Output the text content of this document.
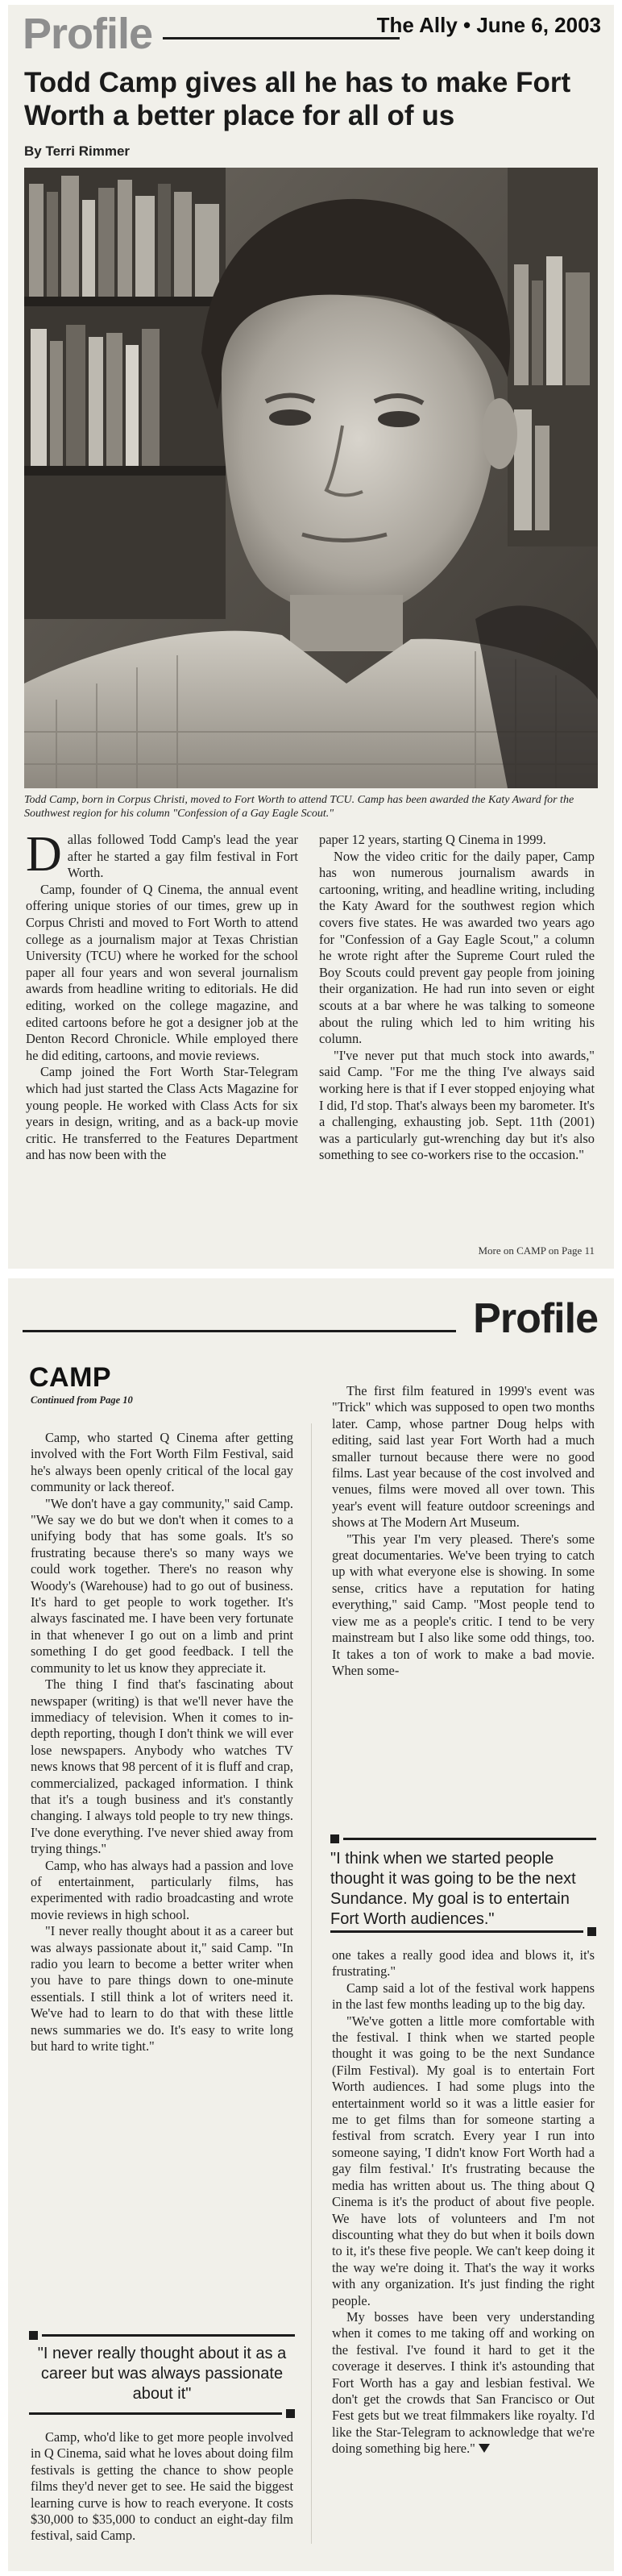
Profile	The Ally • June 6, 2003
Todd Camp gives all he has to make Fort Worth a better place for all of us
By Terri Rimmer
Todd Camp, born in Corpus Christi, moved to Fort Worth to attend TCU. Camp has been awarded the Katy Award for the Southwest region for his column "Confession of a Gay Eagle Scout."

Dallas followed Todd Camp's lead the year after he started a gay film festival in Fort Worth.

Camp, founder of Q Cinema, the annual event offering unique stories of our times, grew up in Corpus Christi and moved to Fort Worth to attend college as a journalism major at Texas Christian University (TCU) where he worked for the school paper all four years and won several journalism awards from headline writing to editorials. He did editing, worked on the college magazine, and edited cartoons before he got a designer job at the Denton Record Chronicle. While employed there he did editing, cartoons, and movie reviews.

Camp joined the Fort Worth Star-Telegram which had just started the Class Acts Magazine for young people. He worked with Class Acts for six years in design, writing, and as a back-up movie critic. He transferred to the Features Department and has now been with the

paper 12 years, starting Q Cinema in 1999.

Now the video critic for the daily paper, Camp has won numerous journalism awards in cartooning, writing, and headline writing, including the Katy Award for the southwest region which covers five states. He was awarded two years ago for "Confession of a Gay Eagle Scout," a column he wrote right after the Supreme Court ruled the Boy Scouts could prevent gay people from joining their organization. He had run into seven or eight scouts at a bar where he was talking to someone about the ruling which led to him writing his column.

"I've never put that much stock into awards," said Camp. "For me the thing I've always said working here is that if I ever stopped enjoying what I did, I'd stop. That's always been my barometer. It's a challenging, exhausting job. Sept. 11th (2001) was a particularly gut-wrenching day but it's also something to see co-workers rise to the occasion."

More on CAMP on Page 11
Profile
CAMP
Continued from Page 10

Camp, who started Q Cinema after getting involved with the Fort Worth Film Festival, said he's always been openly critical of the local gay community or lack thereof.

"We don't have a gay community," said Camp. "We say we do but we don't when it comes to a unifying body that has some goals. It's so frustrating because there's so many ways we could work together. There's no reason why Woody's (Warehouse) had to go out of business. It's hard to get people to work together. It's always fascinated me. I have been very fortunate in that whenever I go out on a limb and print something I do get good feedback. I tell the community to let us know they appreciate it.

The thing I find that's fascinating about newspaper (writing) is that we'll never have the immediacy of television. When it comes to in-depth reporting, though I don't think we will ever lose newspapers. Anybody who watches TV news knows that 98 percent of it is fluff and crap, commercialized, packaged information. I think that it's a tough business and it's constantly changing. I always told people to try new things. I've done everything. I've never shied away from trying things."

Camp, who has always had a passion and love of entertainment, particularly films, has experimented with radio broadcasting and wrote movie reviews in high school.

"I never really thought about it as a career but was always passionate about it," said Camp. "In radio you learn to become a better writer when you have to pare things down to one-minute essentials. I still think a lot of writers need it. We've had to learn to do that with these little news summaries we do. It's easy to write long but hard to write tight."

The first film featured in 1999's event was "Trick" which was supposed to open two months later. Camp, whose partner Doug helps with editing, said last year Fort Worth had a much smaller turnout because there were no good films. Last year because of the cost involved and venues, films were moved all over town. This year's event will feature outdoor screenings and shows at The Modern Art Museum.

"This year I'm very pleased. There's some great documentaries. We've been trying to catch up with what everyone else is showing. In some sense, critics have a reputation for hating everything," said Camp. "Most people tend to view me as a people's critic. I tend to be very mainstream but I also like some odd things, too. It takes a ton of work to make a bad movie. When some-

"I think when we started people thought it was going to be the next Sundance. My goal is to entertain Fort Worth audiences."

one takes a really good idea and blows it, it's frustrating."

Camp said a lot of the festival work happens in the last few months leading up to the big day.

"We've gotten a little more comfortable with the festival. I think when we started people thought it was going to be the next Sundance (Film Festival). My goal is to entertain Fort Worth audiences. I had some plugs into the entertainment world so it was a little easier for me to get films than for someone starting a festival from scratch. Every year I run into someone saying, 'I didn't know Fort Worth had a gay film festival.' It's frustrating because the media has written about us. The thing about Q Cinema is it's the product of about five people. We have lots of volunteers and I'm not discounting what they do but when it boils down to it, it's these five people. We can't keep doing it the way we're doing it. That's the way it works with any organization. It's just finding the right people.

My bosses have been very understanding when it comes to me taking off and working on the festival. I've found it hard to get it the coverage it deserves. I think it's astounding that Fort Worth has a gay and lesbian festival. We don't get the crowds that San Francisco or Out Fest gets but we treat filmmakers like royalty. I'd like the Star-Telegram to acknowledge that we're doing something big here."

"I never really thought about it as a career but was always passionate about it"

Camp, who'd like to get more people involved in Q Cinema, said what he loves about doing film festivals is getting the chance to show people films they'd never get to see. He said the biggest learning curve is how to reach everyone. It costs $30,000 to $35,000 to conduct an eight-day film festival, said Camp.
